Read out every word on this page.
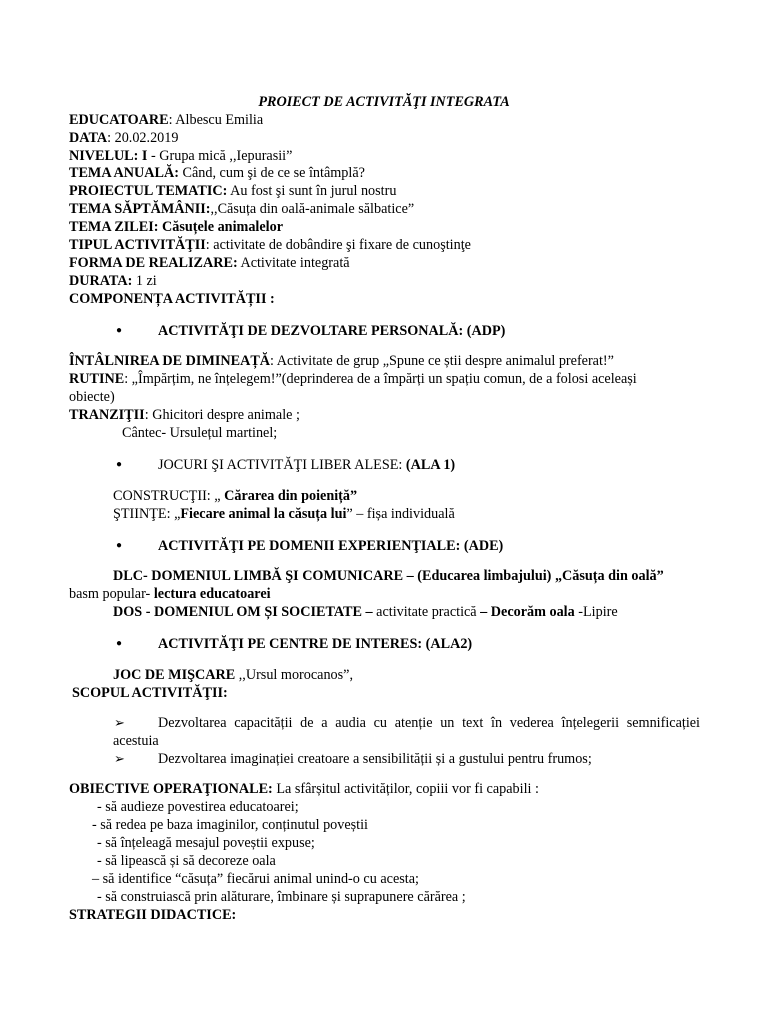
PROIECT DE ACTIVITĂŢI INTEGRATA
EDUCATOARE: Albescu Emilia
DATA: 20.02.2019
NIVELUL: I - Grupa mică ,,Iepurasii”
TEMA ANUALĂ: Când, cum şi de ce se întâmplă?
PROIECTUL TEMATIC: Au fost şi sunt în jurul nostru
TEMA SĂPTĂMÂNII:,,Căsuța din oală-animale sălbatice”
TEMA ZILEI: Căsuțele animalelor
TIPUL ACTIVITĂŢII: activitate de dobândire şi fixare de cunoştinţe
FORMA DE REALIZARE: Activitate integrată
DURATA: 1 zi
COMPONENȚA ACTIVITĂȚII :
●	ACTIVITĂŢI DE DEZVOLTARE PERSONALĂ: (ADP)
ÎNTÂLNIREA DE DIMINEAȚĂ: Activitate de grup „Spune ce știi despre animalul preferat!”
RUTINE: „Împărțim, ne înțelegem!”(deprinderea de a împărți un spațiu comun, de a folosi aceleași
obiecte)
TRANZIŢII: Ghicitori despre animale ;
Cântec- Ursulețul martinel;
●	JOCURI ŞI ACTIVITĂŢI LIBER ALESE: (ALA 1)
CONSTRUCŢII: „ Cărarea din poieniță”
ŞTIINŢE: „Fiecare animal la căsuța lui” – fișa individuală
●	ACTIVITĂŢI PE DOMENII EXPERIENŢIALE: (ADE)
DLC- DOMENIUL LIMBĂ ŞI COMUNICARE – (Educarea limbajului) „Căsuța din oală”
basm popular- lectura educatoarei
DOS - DOMENIUL OM ȘI SOCIETATE – activitate practică – Decorăm oala -Lipire
●	ACTIVITĂŢI PE CENTRE DE INTERES: (ALA2)
JOC DE MIŞCARE ,,Ursul morocanos”,
SCOPUL ACTIVITĂŢII:
➢ Dezvoltarea capacității de a audia cu atenție un text în vederea înțelegerii semnificației
acestuia
➢ Dezvoltarea imaginației creatoare a sensibilității și a gustului pentru frumos;
OBIECTIVE OPERAŢIONALE: La sfârșitul activităților, copiii vor fi capabili :
- să audieze povestirea educatoarei;
- să redea pe baza imaginilor, conținutul poveștii
- să înțeleagă mesajul poveștii expuse;
- să lipească și să decoreze oala
– să identifice “căsuța” fiecărui animal unind-o cu acesta;
- să construiască prin alăturare, îmbinare și suprapunere cărărea ;
STRATEGII DIDACTICE:
